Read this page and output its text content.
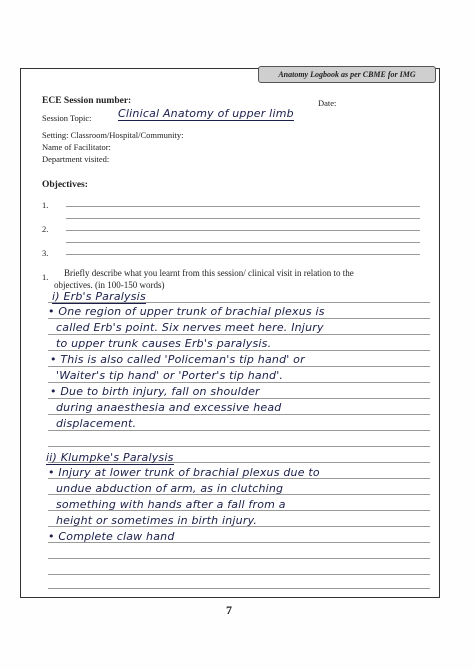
Anatomy Logbook as per CBME for IMG
ECE Session number:	Date:
Session Topic: Clinical Anatomy of upper limb
Setting: Classroom/Hospital/Community:
Name of Facilitator:
Department visited:
Objectives:
1.
2.
3.
1. Briefly describe what you learnt from this session/ clinical visit in relation to the
objectives. (in 100-150 words)
i) Erb's Paralysis
• One region of upper trunk of brachial plexus is
called Erb's point. Six nerves meet here. Injury
to upper trunk causes Erb's paralysis.
• This is also called 'Policeman's tip hand' or
'Waiter's tip hand' or 'Porter's tip hand'.
• Due to birth injury, fall on shoulder
during anaesthesia and excessive head
displacement.
ii) Klumpke's Paralysis
• Injury at lower trunk of brachial plexus due to
undue abduction of arm, as in clutching
something with hands after a fall from a
height or sometimes in birth injury.
• Complete claw hand
7
